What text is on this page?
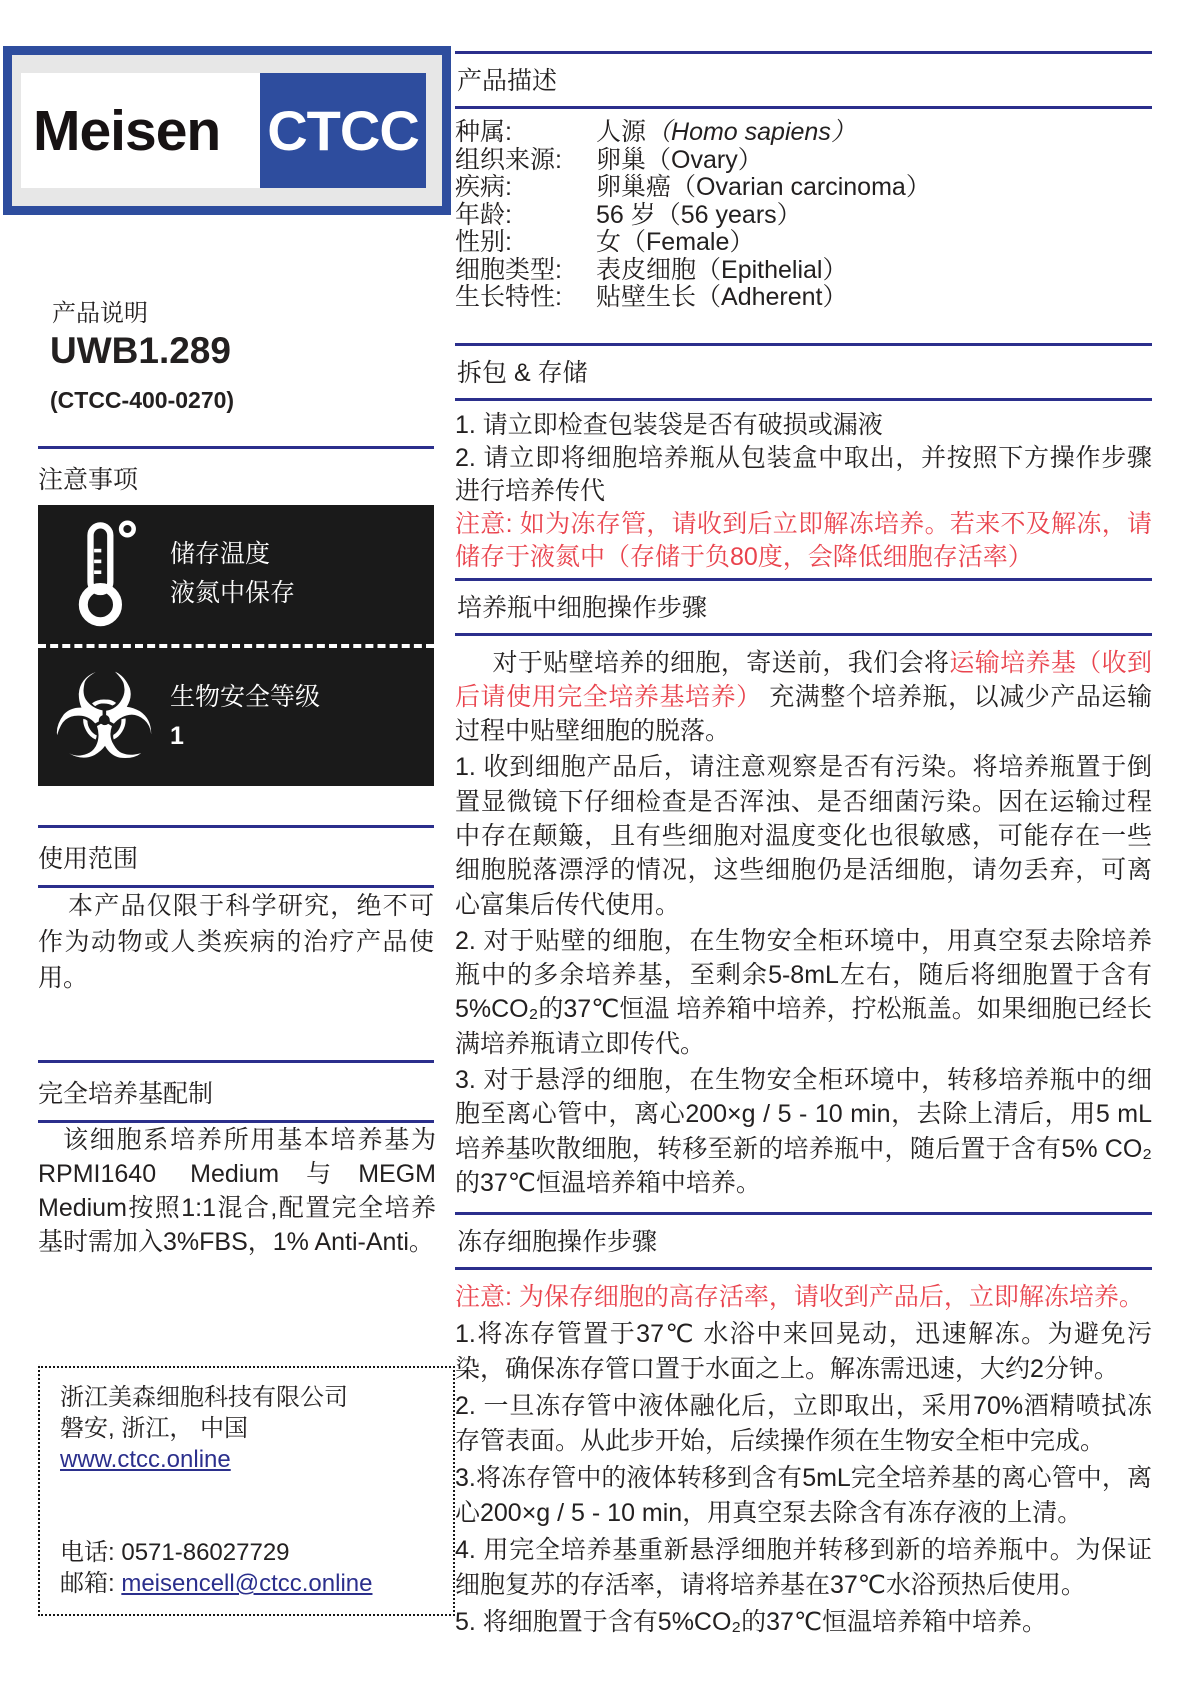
Meisen CTCC
产品说明
UWB1.289
(CTCC-400-0270)
注意事项
储存温度
液氮中保存
☣ 生物安全等级
1
使用范围

本产品仅限于科学研究，绝不可作为动物或人类疾病的治疗产品使用。

完全培养基配制

该细胞系培养所用基本培养基为RPMI1640 Medium与MEGM Medium按照1:1混合,配置完全培养基时需加入3%FBS，1% Anti-Anti。

浙江美森细胞科技有限公司
磐安, 浙江， 中国
www.ctcc.online
电话: 0571-86027729
邮箱: meisencell@ctcc.online
产品描述
种属:	人源（Homo sapiens）
组织来源:	卵巢（Ovary）
疾病:	卵巢癌（Ovarian carcinoma）
年龄:	56 岁（56 years）
性别:	女（Female）
细胞类型:	表皮细胞（Epithelial）
生长特性:	贴壁生长（Adherent）
拆包 & 存储

1. 请立即检查包装袋是否有破损或漏液

2. 请立即将细胞培养瓶从包装盒中取出，并按照下方操作步骤进行培养传代

注意: 如为冻存管，请收到后立即解冻培养。若来不及解冻，请储存于液氮中（存储于负80度，会降低细胞存活率）

培养瓶中细胞操作步骤

对于贴壁培养的细胞，寄送前，我们会将运输培养基（收到后请使用完全培养基培养） 充满整个培养瓶，以减少产品运输过程中贴壁细胞的脱落。

1. 收到细胞产品后，请注意观察是否有污染。将培养瓶置于倒置显微镜下仔细检查是否浑浊、是否细菌污染。因在运输过程中存在颠簸，且有些细胞对温度变化也很敏感，可能存在一些细胞脱落漂浮的情况，这些细胞仍是活细胞，请勿丢弃，可离心富集后传代使用。

2. 对于贴壁的细胞，在生物安全柜环境中，用真空泵去除培养瓶中的多余培养基，至剩余5-8mL左右，随后将细胞置于含有5%CO₂的37℃恒温 培养箱中培养，拧松瓶盖。如果细胞已经长满培养瓶请立即传代。

3. 对于悬浮的细胞，在生物安全柜环境中，转移培养瓶中的细胞至离心管中，离心200×g / 5 - 10 min，去除上清后，用5 mL培养基吹散细胞，转移至新的培养瓶中，随后置于含有5% CO₂的37℃恒温培养箱中培养。

冻存细胞操作步骤

注意: 为保存细胞的高存活率，请收到产品后，立即解冻培养。

1.将冻存管置于37℃ 水浴中来回晃动，迅速解冻。为避免污染，确保冻存管口置于水面之上。解冻需迅速，大约2分钟。

2. 一旦冻存管中液体融化后，立即取出，采用70%酒精喷拭冻存管表面。从此步开始，后续操作须在生物安全柜中完成。

3.将冻存管中的液体转移到含有5mL完全培养基的离心管中，离心200×g / 5 - 10 min，用真空泵去除含有冻存液的上清。

4. 用完全培养基重新悬浮细胞并转移到新的培养瓶中。为保证细胞复苏的存活率，请将培养基在37℃水浴预热后使用。

5. 将细胞置于含有5%CO₂的37℃恒温培养箱中培养。
